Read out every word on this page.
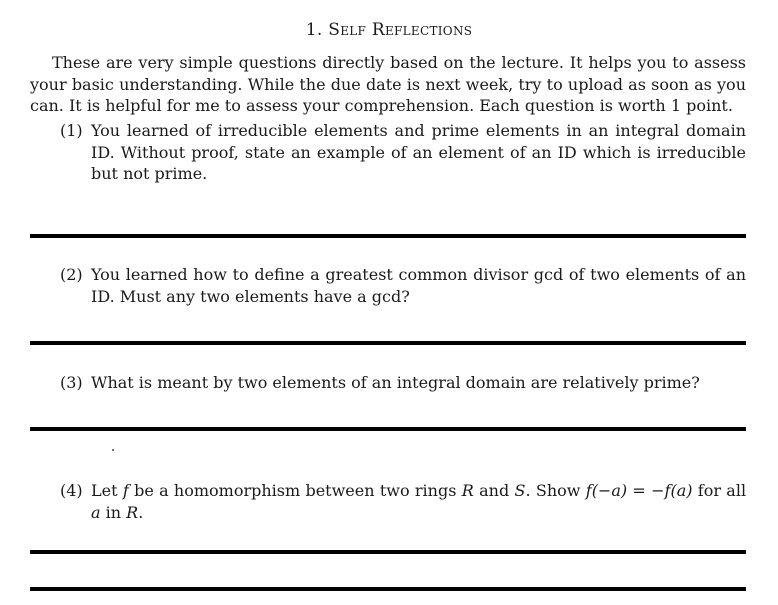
1. Self Reflections

These are very simple questions directly based on the lecture. It helps you to assess your basic understanding. While the due date is next week, try to upload as soon as you can. It is helpful for me to assess your comprehension. Each question is worth 1 point.

(1) You learned of irreducible elements and prime elements in an integral domain ID. Without proof, state an example of an element of an ID which is irreducible but not prime.
(2) You learned how to define a greatest common divisor gcd of two elements of an ID. Must any two elements have a gcd?
(3) What is meant by two elements of an integral domain are relatively prime?
(4) Let f be a homomorphism between two rings R and S. Show f(−a) = −f(a) for all a in R.
